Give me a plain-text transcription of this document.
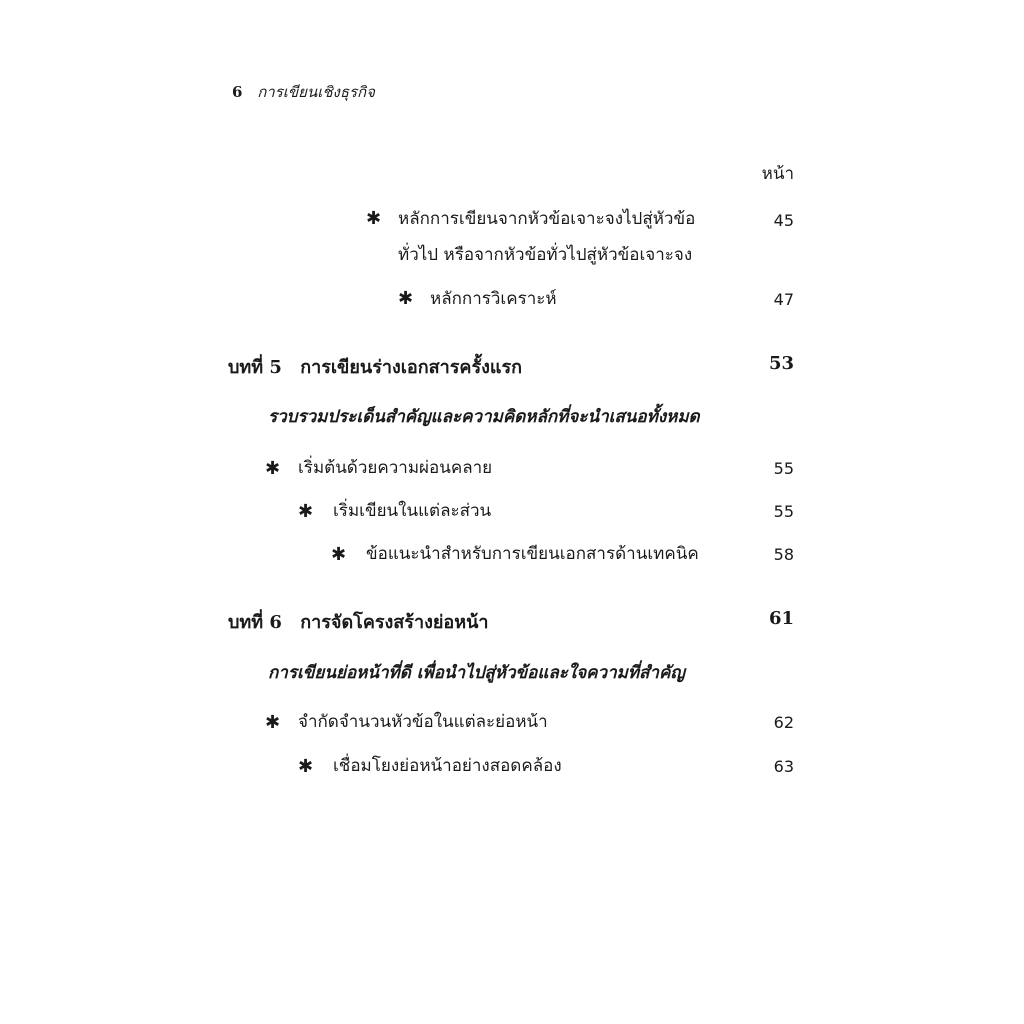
6 การเขียนเชิงธุรกิจ
หน้า
✱ หลักการเขียนจากหัวข้อเจาะจงไปสู่หัวข้อ
ทั่วไป หรือจากหัวข้อทั่วไปสู่หัวข้อเจาะจง
45
✱ หลักการวิเคราะห์	47
บทที่ 5 การเขียนร่างเอกสารครั้งแรก	53
รวบรวมประเด็นสำคัญและความคิดหลักที่จะนำเสนอทั้งหมด
✱ เริ่มต้นด้วยความผ่อนคลาย	55
✱ เริ่มเขียนในแต่ละส่วน	55
✱ ข้อแนะนำสำหรับการเขียนเอกสารด้านเทคนิค	58
บทที่ 6 การจัดโครงสร้างย่อหน้า	61
การเขียนย่อหน้าที่ดี เพื่อนำไปสู่หัวข้อและใจความที่สำคัญ
✱ จำกัดจำนวนหัวข้อในแต่ละย่อหน้า	62
✱ เชื่อมโยงย่อหน้าอย่างสอดคล้อง	63
